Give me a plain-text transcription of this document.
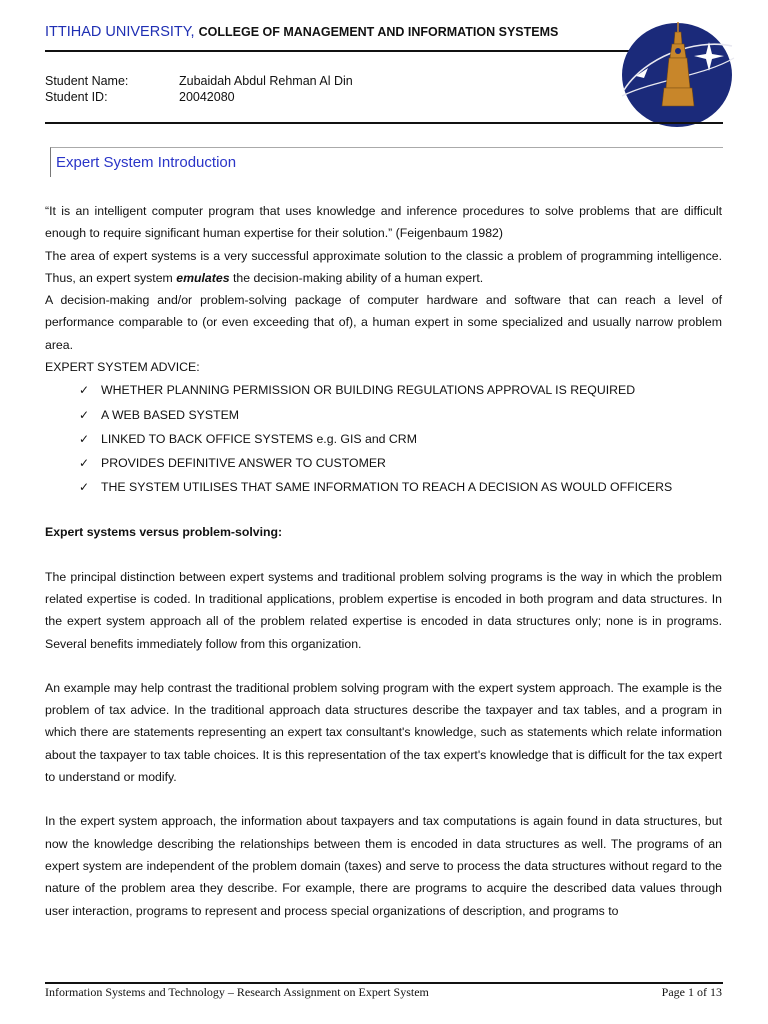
ITTIHAD UNIVERSITY, COLLEGE OF MANAGEMENT AND INFORMATION SYSTEMS
Student Name:	Zubaidah Abdul Rehman Al Din
Student ID:	20042080
Expert System Introduction

“It is an intelligent computer program that uses knowledge and inference procedures to solve problems that are difficult enough to require significant human expertise for their solution.” (Feigenbaum 1982)

The area of expert systems is a very successful approximate solution to the classic a problem of programming intelligence. Thus, an expert system emulates the decision-making ability of a human expert.

A decision-making and/or problem-solving package of computer hardware and software that can reach a level of performance comparable to (or even exceeding that of), a human expert in some specialized and usually narrow problem area.

EXPERT SYSTEM ADVICE:

✓ WHETHER PLANNING PERMISSION OR BUILDING REGULATIONS APPROVAL IS REQUIRED
✓ A WEB BASED SYSTEM
✓ LINKED TO BACK OFFICE SYSTEMS e.g. GIS and CRM
✓ PROVIDES DEFINITIVE ANSWER TO CUSTOMER
✓ THE SYSTEM UTILISES THAT SAME INFORMATION TO REACH A DECISION AS WOULD OFFICERS

Expert systems versus problem-solving:

The principal distinction between expert systems and traditional problem solving programs is the way in which the problem related expertise is coded. In traditional applications, problem expertise is encoded in both program and data structures. In the expert system approach all of the problem related expertise is encoded in data structures only; none is in programs. Several benefits immediately follow from this organization.

An example may help contrast the traditional problem solving program with the expert system approach. The example is the problem of tax advice. In the traditional approach data structures describe the taxpayer and tax tables, and a program in which there are statements representing an expert tax consultant's knowledge, such as statements which relate information about the taxpayer to tax table choices. It is this representation of the tax expert's knowledge that is difficult for the tax expert to understand or modify.

In the expert system approach, the information about taxpayers and tax computations is again found in data structures, but now the knowledge describing the relationships between them is encoded in data structures as well. The programs of an expert system are independent of the problem domain (taxes) and serve to process the data structures without regard to the nature of the problem area they describe. For example, there are programs to acquire the described data values through user interaction, programs to represent and process special organizations of description, and programs to

Information Systems and Technology – Research Assignment on Expert System	Page 1 of 13
